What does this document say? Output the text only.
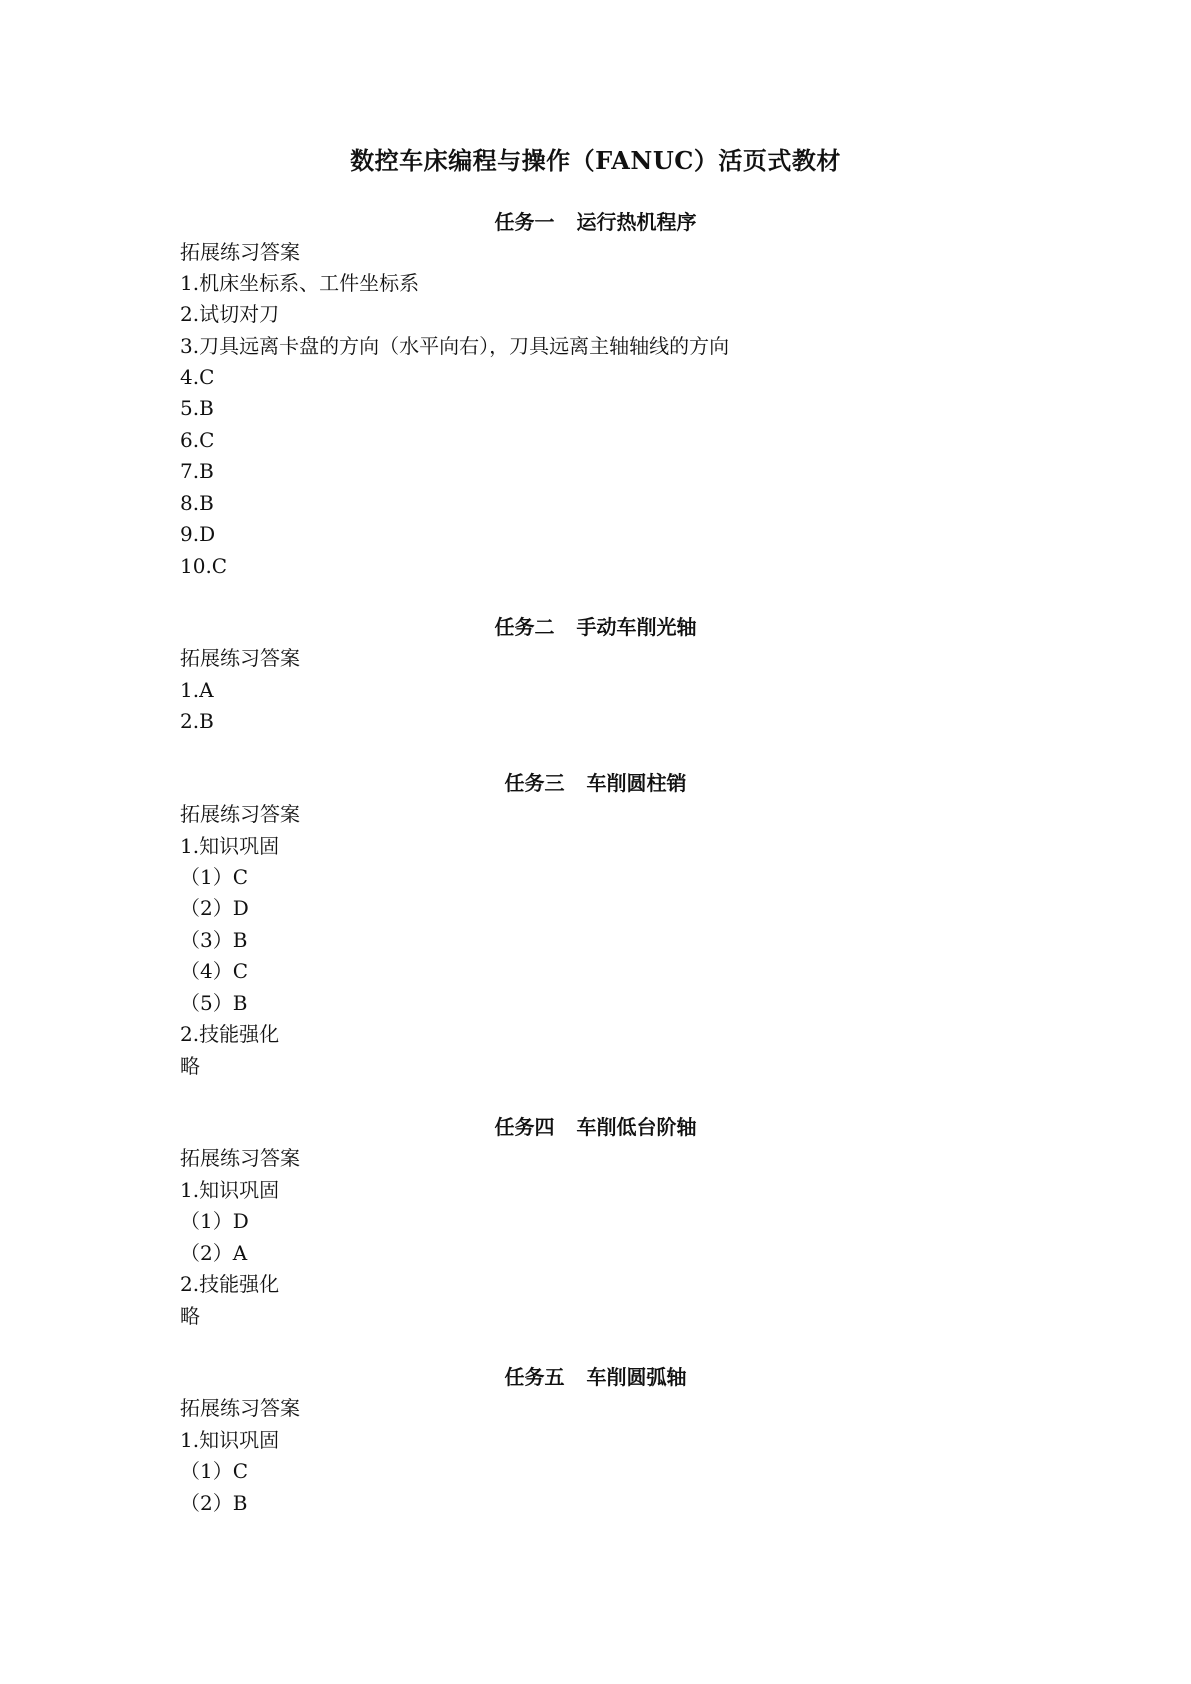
数控车床编程与操作（FANUC）活页式教材
任务一 运行热机程序
拓展练习答案
1.机床坐标系、工件坐标系
2.试切对刀
3.刀具远离卡盘的方向（水平向右），刀具远离主轴轴线的方向
4.C
5.B
6.C
7.B
8.B
9.D
10.C
任务二 手动车削光轴
拓展练习答案
1.A
2.B
任务三 车削圆柱销
拓展练习答案
1.知识巩固
（1）C
（2）D
（3）B
（4）C
（5）B
2.技能强化
略
任务四 车削低台阶轴
拓展练习答案
1.知识巩固
（1）D
（2）A
2.技能强化
略
任务五 车削圆弧轴
拓展练习答案
1.知识巩固
（1）C
（2）B
